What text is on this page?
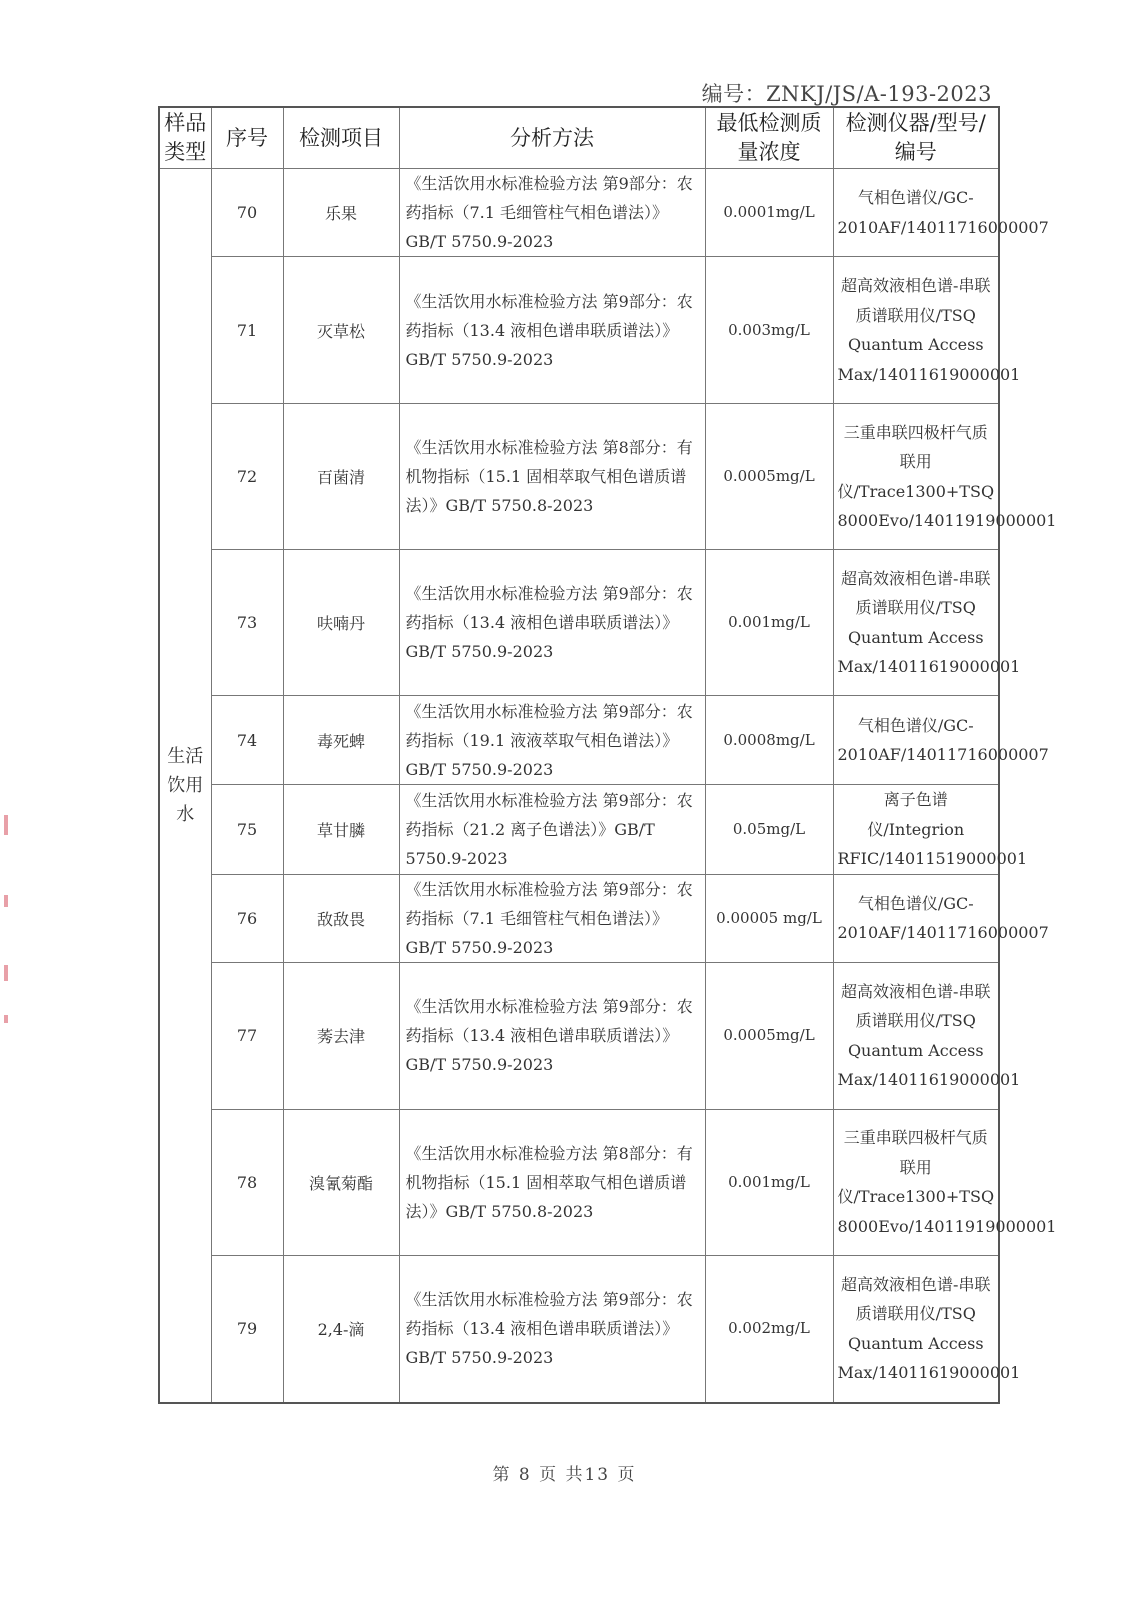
编号：ZNKJ/JS/A-193-2023
样品类型	序号	检测项目	分析方法	最低检测质量浓度	检测仪器/型号/编号
生活饮用水	70	乐果	《生活饮用水标准检验方法 第9部分：农药指标（7.1 毛细管柱气相色谱法）》GB/T 5750.9-2023	0.0001mg/L	气相色谱仪/GC-2010AF/14011716000007
	71	灭草松	《生活饮用水标准检验方法 第9部分：农药指标（13.4 液相色谱串联质谱法）》GB/T 5750.9-2023	0.003mg/L	超高效液相色谱-串联质谱联用仪/TSQ Quantum Access Max/14011619000001
	72	百菌清	《生活饮用水标准检验方法 第8部分：有机物指标（15.1 固相萃取气相色谱质谱法）》GB/T 5750.8-2023	0.0005mg/L	三重串联四极杆气质联用仪/Trace1300+TSQ 8000Evo/14011919000001
	73	呋喃丹	《生活饮用水标准检验方法 第9部分：农药指标（13.4 液相色谱串联质谱法）》GB/T 5750.9-2023	0.001mg/L	超高效液相色谱-串联质谱联用仪/TSQ Quantum Access Max/14011619000001
	74	毒死蜱	《生活饮用水标准检验方法 第9部分：农药指标（19.1 液液萃取气相色谱法）》GB/T 5750.9-2023	0.0008mg/L	气相色谱仪/GC-2010AF/14011716000007
	75	草甘膦	《生活饮用水标准检验方法 第9部分：农药指标（21.2 离子色谱法）》GB/T 5750.9-2023	0.05mg/L	离子色谱仪/Integrion RFIC/14011519000001
	76	敌敌畏	《生活饮用水标准检验方法 第9部分：农药指标（7.1 毛细管柱气相色谱法）》GB/T 5750.9-2023	0.00005 mg/L	气相色谱仪/GC-2010AF/14011716000007
	77	莠去津	《生活饮用水标准检验方法 第9部分：农药指标（13.4 液相色谱串联质谱法）》GB/T 5750.9-2023	0.0005mg/L	超高效液相色谱-串联质谱联用仪/TSQ Quantum Access Max/14011619000001
	78	溴氰菊酯	《生活饮用水标准检验方法 第8部分：有机物指标（15.1 固相萃取气相色谱质谱法）》GB/T 5750.8-2023	0.001mg/L	三重串联四极杆气质联用仪/Trace1300+TSQ 8000Evo/14011919000001
	79	2,4-滴	《生活饮用水标准检验方法 第9部分：农药指标（13.4 液相色谱串联质谱法）》GB/T 5750.9-2023	0.002mg/L	超高效液相色谱-串联质谱联用仪/TSQ Quantum Access Max/14011619000001
第 8 页 共13 页
